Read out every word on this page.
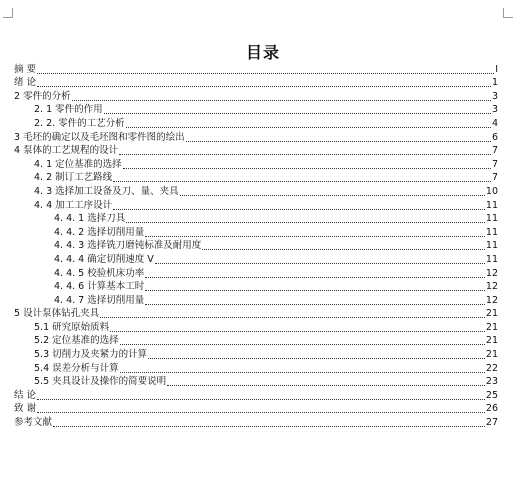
目录
摘 要	I
绪 论	1
2 零件的分析	3
2. 1 零件的作用	3
2. 2. 零件的工艺分析	4
3 毛坯的确定以及毛坯图和零件图的绘出	6
4 泵体的工艺规程的设计	7
4. 1 定位基准的选择	7
4. 2 制订工艺路线	7
4. 3 选择加工设备及刀、量、夹具	10
4. 4 加工工序设计	11
4. 4. 1 选择刀具	11
4. 4. 2 选择切削用量	11
4. 4. 3 选择铣刀磨钝标准及耐用度	11
4. 4. 4 确定切削速度 V	11
4. 4. 5 校验机床功率	12
4. 4. 6 计算基本工时	12
4. 4. 7 选择切削用量	12
5 设计泵体钻孔夹具	21
5.1 研究原始质料	21
5.2 定位基准的选择	21
5.3 切削力及夹紧力的计算	21
5.4 误差分析与计算	22
5.5 夹具设计及操作的简要说明	23
结 论	25
致 谢	26
参考文献	27
